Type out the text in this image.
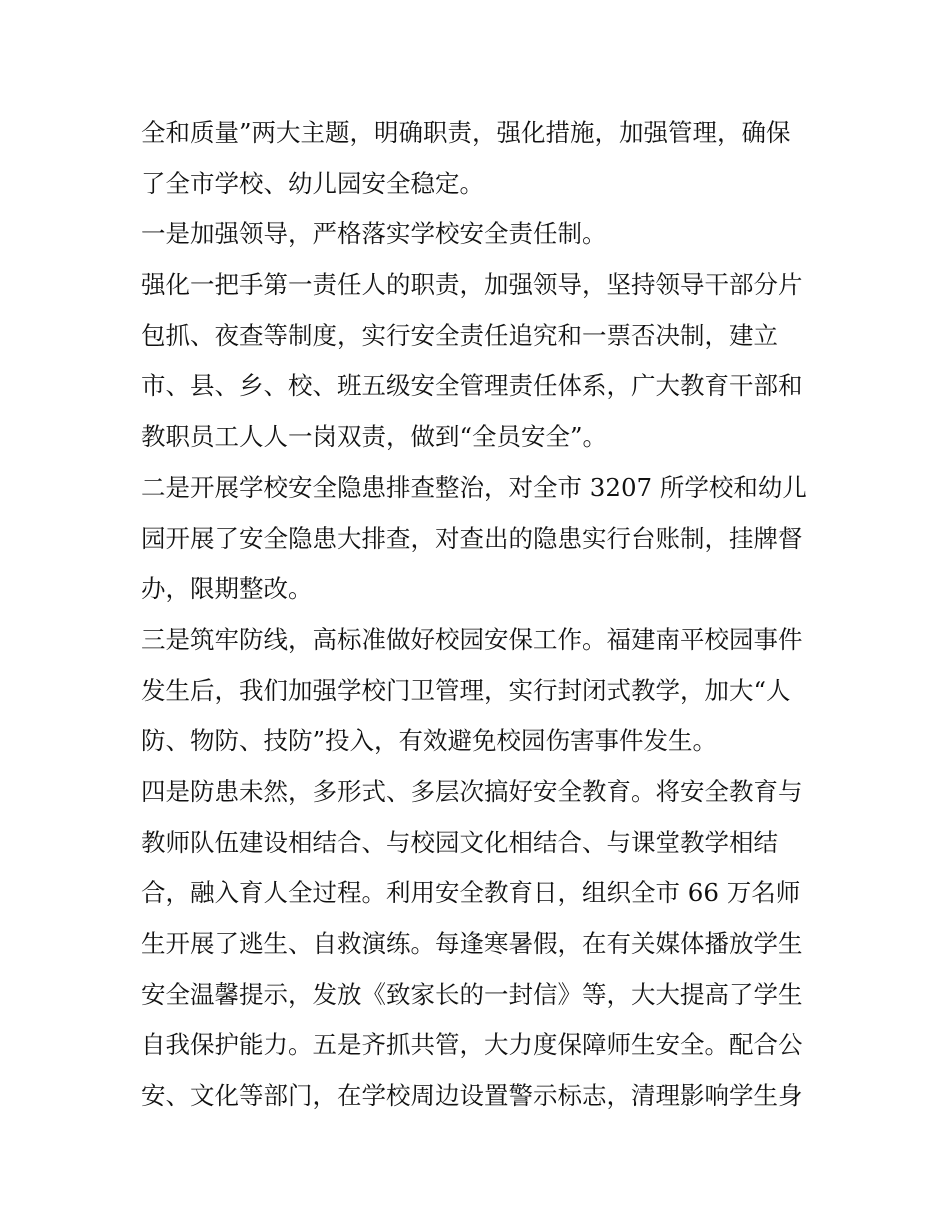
全和质量”两大主题，明确职责，强化措施，加强管理，确保
了全市学校、幼儿园安全稳定。
一是加强领导，严格落实学校安全责任制。
强化一把手第一责任人的职责，加强领导，坚持领导干部分片
包抓、夜查等制度，实行安全责任追究和一票否决制，建立
市、县、乡、校、班五级安全管理责任体系，广大教育干部和
教职员工人人一岗双责，做到“全员安全”。
二是开展学校安全隐患排查整治，对全市 3207 所学校和幼儿
园开展了安全隐患大排查，对查出的隐患实行台账制，挂牌督
办，限期整改。
三是筑牢防线，高标准做好校园安保工作。福建南平校园事件
发生后，我们加强学校门卫管理，实行封闭式教学，加大“人
防、物防、技防”投入，有效避免校园伤害事件发生。
四是防患未然，多形式、多层次搞好安全教育。将安全教育与
教师队伍建设相结合、与校园文化相结合、与课堂教学相结
合，融入育人全过程。利用安全教育日，组织全市 66 万名师
生开展了逃生、自救演练。每逢寒暑假，在有关媒体播放学生
安全温馨提示，发放《致家长的一封信》等，大大提高了学生
自我保护能力。五是齐抓共管，大力度保障师生安全。配合公
安、文化等部门，在学校周边设置警示标志，清理影响学生身
